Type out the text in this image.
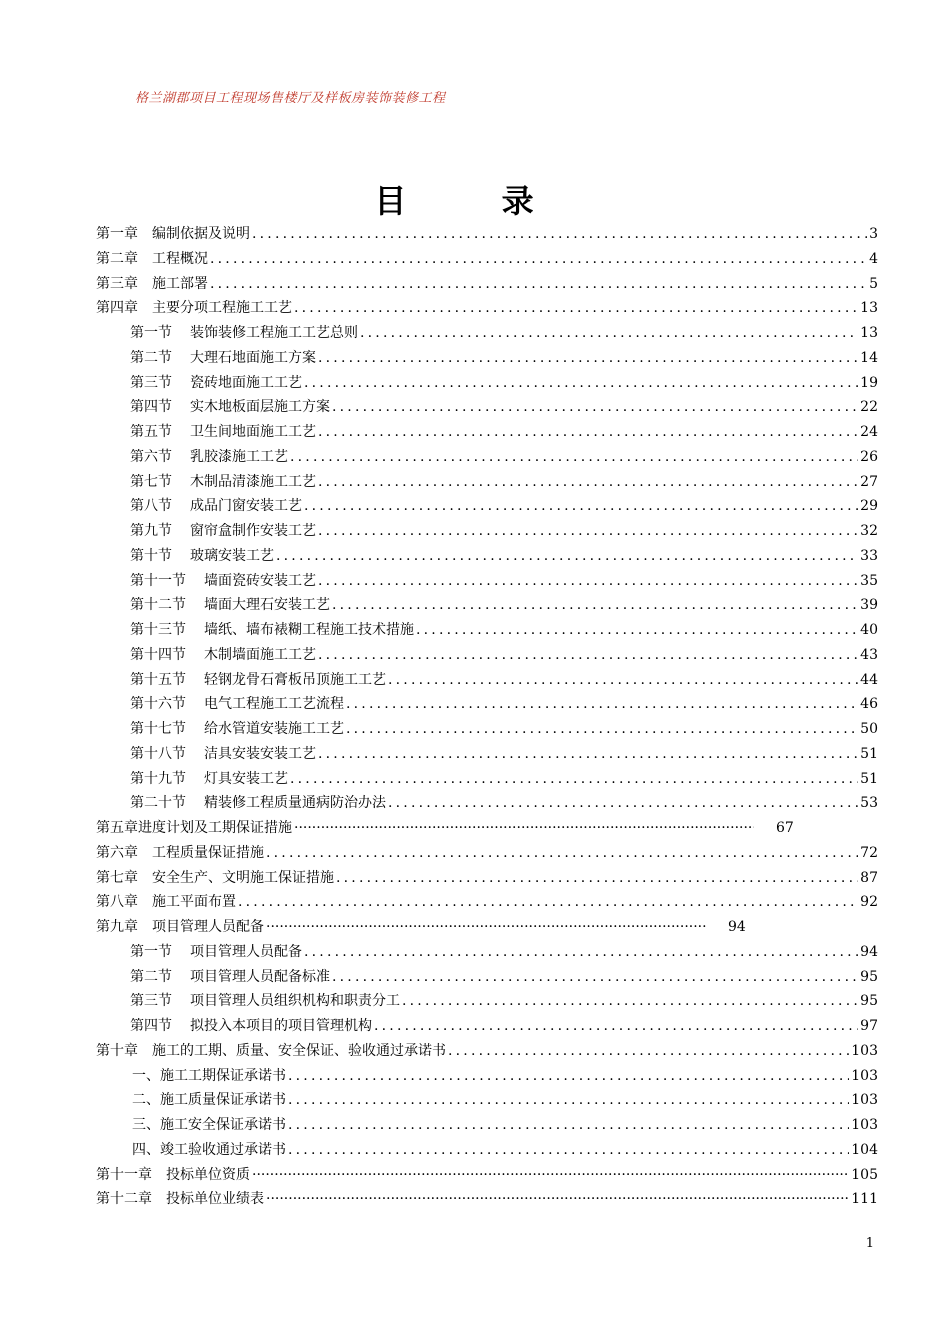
格兰湖郡项目工程现场售楼厅及样板房装饰装修工程
目 录
第一章 编制依据及说明 .....	3
第二章 工程概况 .....	4
第三章 施工部署 .....	5
第四章 主要分项工程施工工艺 .....	13
第一节 装饰装修工程施工工艺总则 .....	13
第二节 大理石地面施工方案 .....	14
第三节 瓷砖地面施工工艺 .....	19
第四节 实木地板面层施工方案 .....	22
第五节 卫生间地面施工工艺 .....	24
第六节 乳胶漆施工工艺 .....	26
第七节 木制品清漆施工工艺 .....	27
第八节 成品门窗安装工艺 .....	29
第九节 窗帘盒制作安装工艺 .....	32
第十节 玻璃安装工艺 .....	33
第十一节 墙面瓷砖安装工艺 .....	35
第十二节 墙面大理石安装工艺 .....	39
第十三节 墙纸、墙布裱糊工程施工技术措施 .....	40
第十四节 木制墙面施工工艺 .....	43
第十五节 轻钢龙骨石膏板吊顶施工工艺 .....	44
第十六节 电气工程施工工艺流程 .....	46
第十七节 给水管道安装施工工艺 .....	50
第十八节 洁具安装安装工艺 .....	51
第十九节 灯具安装工艺 .....	51
第二十节 精装修工程质量通病防治办法 .....	53
第五章 进度计划及工期保证措施 ·····	67
第六章 工程质量保证措施 .....	72
第七章 安全生产、文明施工保证措施 .....	87
第八章 施工平面布置 .....	92
第九章 项目管理人员配备 ·····	94
第一节 项目管理人员配备 .....	94
第二节 项目管理人员配备标准 .....	95
第三节 项目管理人员组织机构和职责分工 .....	95
第四节 拟投入本项目的项目管理机构 .....	97
第十章 施工的工期、质量、安全保证、验收通过承诺书 .....	103
一、 施工工期保证承诺书 .....	103
二、 施工质量保证承诺书 .....	103
三、 施工安全保证承诺书 .....	103
四、 竣工验收通过承诺书 .....	104
第十一章 投标单位资质 ·····	105
第十二章 投标单位业绩表 ·····	111
1
